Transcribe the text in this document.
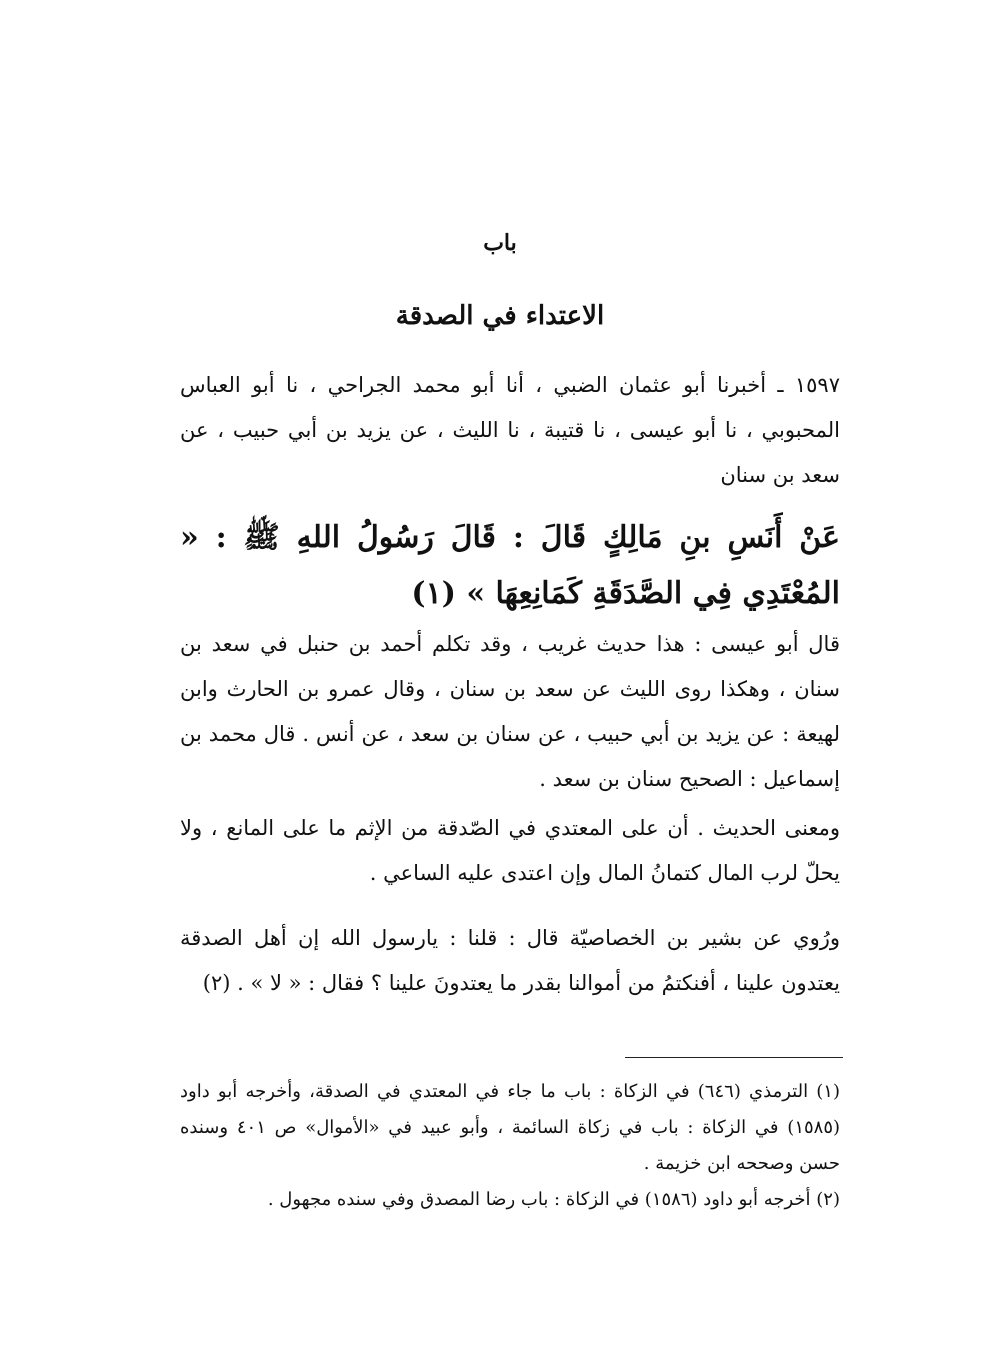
باب
الاعتداء في الصدقة

١٥٩٧ ـ أخبرنا أبو عثمان الضبي ، أنا أبو محمد الجراحي ، نا أبو العباس المحبوبي ، نا أبو عيسى ، نا قتيبة ، نا الليث ، عن يزيد بن أبي حبيب ، عن سعد بن سنان

عَنْ أَنَسِ بنِ مَالِكٍ قَالَ : قَالَ رَسُولُ اللهِ ﷺ : « المُعْتَدِي فِي الصَّدَقَةِ كَمَانِعِهَا » (١)

قال أبو عيسى : هذا حديث غريب ، وقد تكلم أحمد بن حنبل في سعد بن سنان ، وهكذا روى الليث عن سعد بن سنان ، وقال عمرو بن الحارث وابن لهيعة : عن يزيد بن أبي حبيب ، عن سنان بن سعد ، عن أنس . قال محمد بن إسماعيل : الصحيح سنان بن سعد .

ومعنى الحديث . أن على المعتدي في الصّدقة من الإثم ما على المانع ، ولا يحلّ لرب المال كتمانُ المال وإن اعتدى عليه الساعي .

ورُوي عن بشير بن الخصاصيّة قال : قلنا : يارسول الله إن أهل الصدقة يعتدون علينا ، أفنكتمُ من أموالنا بقدر ما يعتدونَ علينا ؟ فقال : « لا » . (٢)

(١) الترمذي (٦٤٦) في الزكاة : باب ما جاء في المعتدي في الصدقة، وأخرجه أبو داود (١٥٨٥) في الزكاة : باب في زكاة السائمة ، وأبو عبيد في «الأموال» ص ٤٠١ وسنده حسن وصححه ابن خزيمة .

(٢) أخرجه أبو داود (١٥٨٦) في الزكاة : باب رضا المصدق وفي سنده مجهول .
